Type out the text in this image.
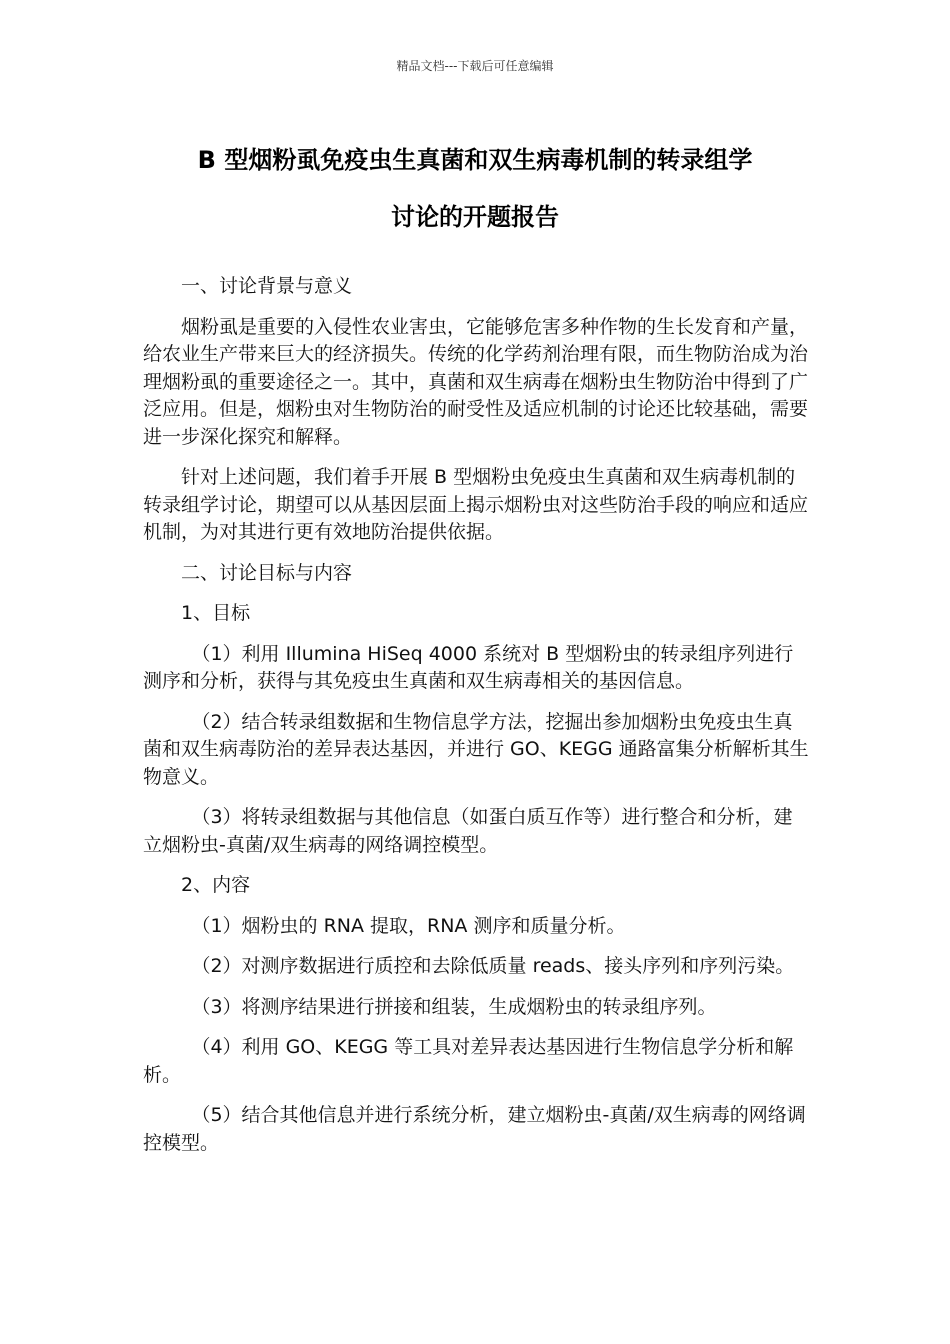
精品文档---下载后可任意编辑
B 型烟粉虱免疫虫生真菌和双生病毒机制的转录组学
讨论的开题报告

一、讨论背景与意义

烟粉虱是重要的入侵性农业害虫，它能够危害多种作物的生长发育和产量，给农业生产带来巨大的经济损失。传统的化学药剂治理有限，而生物防治成为治理烟粉虱的重要途径之一。其中，真菌和双生病毒在烟粉虫生物防治中得到了广泛应用。但是，烟粉虫对生物防治的耐受性及适应机制的讨论还比较基础，需要进一步深化探究和解释。

针对上述问题，我们着手开展 B 型烟粉虫免疫虫生真菌和双生病毒机制的转录组学讨论，期望可以从基因层面上揭示烟粉虫对这些防治手段的响应和适应机制，为对其进行更有效地防治提供依据。

二、讨论目标与内容

1、目标

（1）利用 Illumina HiSeq 4000 系统对 B 型烟粉虫的转录组序列进行测序和分析，获得与其免疫虫生真菌和双生病毒相关的基因信息。

（2）结合转录组数据和生物信息学方法，挖掘出参加烟粉虫免疫虫生真菌和双生病毒防治的差异表达基因，并进行 GO、KEGG 通路富集分析解析其生物意义。

（3）将转录组数据与其他信息（如蛋白质互作等）进行整合和分析，建立烟粉虫-真菌/双生病毒的网络调控模型。

2、内容

（1）烟粉虫的 RNA 提取，RNA 测序和质量分析。

（2）对测序数据进行质控和去除低质量 reads、接头序列和序列污染。

（3）将测序结果进行拼接和组装，生成烟粉虫的转录组序列。

（4）利用 GO、KEGG 等工具对差异表达基因进行生物信息学分析和解析。

（5）结合其他信息并进行系统分析，建立烟粉虫-真菌/双生病毒的网络调控模型。
